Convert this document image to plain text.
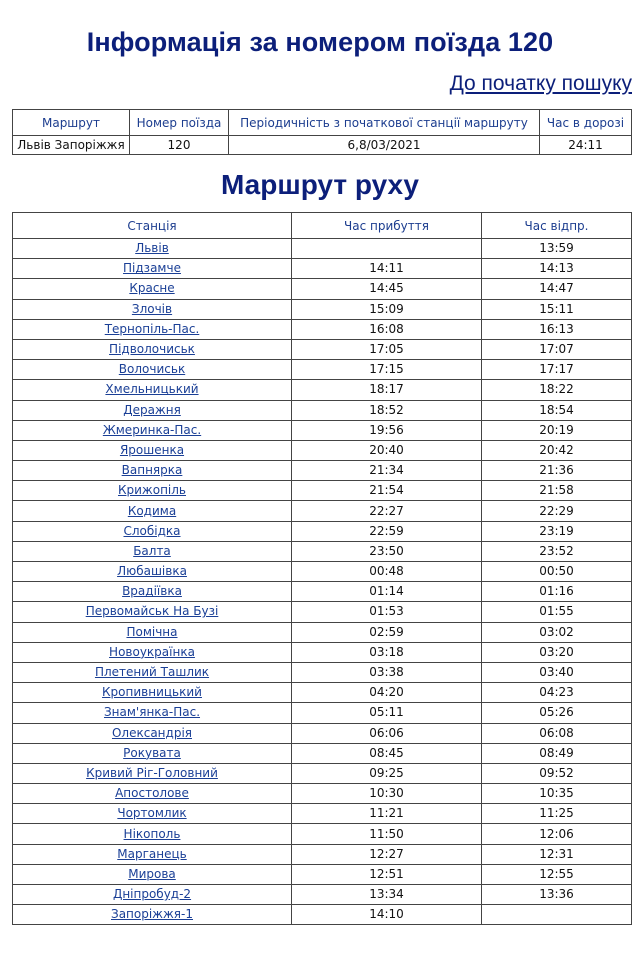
Інформація за номером поїзда 120
До початку пошуку
Маршрут	Номер поїзда	Періодичність з початкової станції маршруту	Час в дорозі
Львів Запоріжжя	120	6,8/03/2021	24:11
Маршрут руху
Станція	Час прибуття	Час відпр.
Львів		13:59
Підзамче	14:11	14:13
Красне	14:45	14:47
Злочів	15:09	15:11
Тернопіль-Пас.	16:08	16:13
Підволочиськ	17:05	17:07
Волочиськ	17:15	17:17
Хмельницький	18:17	18:22
Деражня	18:52	18:54
Жмеринка-Пас.	19:56	20:19
Ярошенка	20:40	20:42
Вапнярка	21:34	21:36
Крижопіль	21:54	21:58
Кодима	22:27	22:29
Слобідка	22:59	23:19
Балта	23:50	23:52
Любашівка	00:48	00:50
Врадіївка	01:14	01:16
Первомайськ На Бузі	01:53	01:55
Помічна	02:59	03:02
Новоукраїнка	03:18	03:20
Плетений Ташлик	03:38	03:40
Кропивницький	04:20	04:23
Знам'янка-Пас.	05:11	05:26
Олександрія	06:06	06:08
Рокувата	08:45	08:49
Кривий Ріг-Головний	09:25	09:52
Апостолове	10:30	10:35
Чортомлик	11:21	11:25
Нікополь	11:50	12:06
Марганець	12:27	12:31
Мирова	12:51	12:55
Дніпробуд-2	13:34	13:36
Запоріжжя-1	14:10	
